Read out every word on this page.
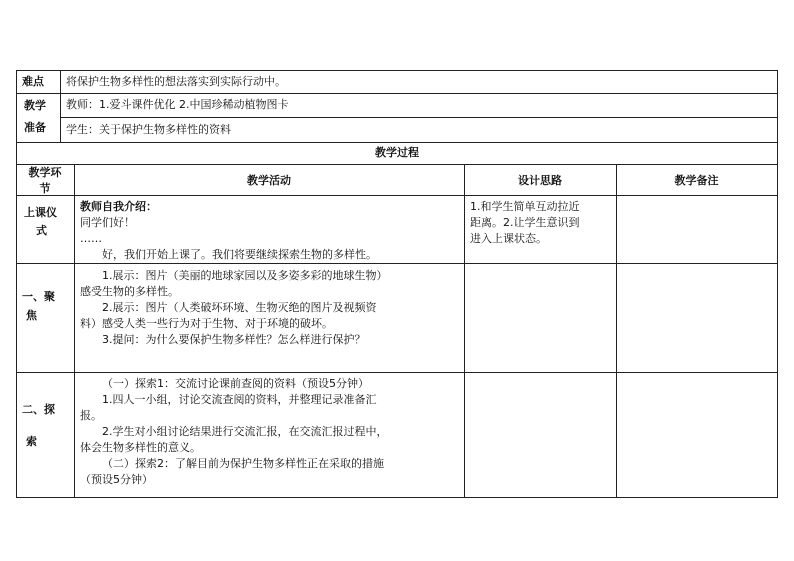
难点 将保护生物多样性的想法落实到实际行动中。
教学
准备
教师：1.爱斗课件优化 2.中国珍稀动植物图卡
学生：关于保护生物多样性的资料
教学过程
教学环
节
教学活动	设计思路	教学备注
上课仪
式
教师自我介绍：
同学们好！
……
好，我们开始上课了。我们将要继续探索生物的多样性。
1.和学生简单互动拉近
距离。2.让学生意识到
进入上课状态。
一、聚
焦
1.展示：图片（美丽的地球家园以及多姿多彩的地球生物）
感受生物的多样性。
2.展示：图片（人类破坏环境、生物灭绝的图片及视频资
料）感受人类一些行为对于生物、对于环境的破坏。
3.提问：为什么要保护生物多样性？怎么样进行保护？
二、探
索
（一）探索1：交流讨论课前查阅的资料（预设5分钟）
1.四人一小组，讨论交流查阅的资料，并整理记录准备汇
报。
2.学生对小组讨论结果进行交流汇报，在交流汇报过程中，
体会生物多样性的意义。
（二）探索2：了解目前为保护生物多样性正在采取的措施
（预设5分钟）
